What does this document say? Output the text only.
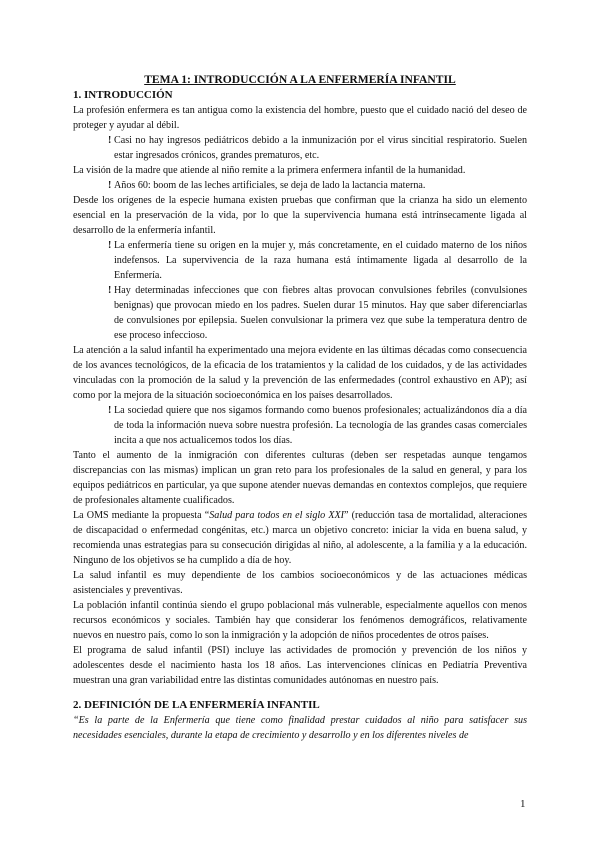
TEMA 1: INTRODUCCIÓN A LA ENFERMERÍA INFANTIL
1. INTRODUCCIÓN

La profesión enfermera es tan antigua como la existencia del hombre, puesto que el cuidado nació del deseo de proteger y ayudar al débil.

! Casi no hay ingresos pediátricos debido a la inmunización por el virus sincitial respiratorio. Suelen estar ingresados crónicos, grandes prematuros, etc.

La visión de la madre que atiende al niño remite a la primera enfermera infantil de la humanidad.

! Años 60: boom de las leches artificiales, se deja de lado la lactancia materna.

Desde los orígenes de la especie humana existen pruebas que confirman que la crianza ha sido un elemento esencial en la preservación de la vida, por lo que la supervivencia humana está intrínsecamente ligada al desarrollo de la enfermería infantil.

! La enfermería tiene su origen en la mujer y, más concretamente, en el cuidado materno de los niños indefensos. La supervivencia de la raza humana está íntimamente ligada al desarrollo de la Enfermería.
! Hay determinadas infecciones que con fiebres altas provocan convulsiones febriles (convulsiones benignas) que provocan miedo en los padres. Suelen durar 15 minutos. Hay que saber diferenciarlas de convulsiones por epilepsia. Suelen convulsionar la primera vez que sube la temperatura dentro de ese proceso infeccioso.

La atención a la salud infantil ha experimentado una mejora evidente en las últimas décadas como consecuencia de los avances tecnológicos, de la eficacia de los tratamientos y la calidad de los cuidados, y de las actividades vinculadas con la promoción de la salud y la prevención de las enfermedades (control exhaustivo en AP); así como por la mejora de la situación socioeconómica en los países desarrollados.

! La sociedad quiere que nos sigamos formando como buenos profesionales; actualizándonos día a día de toda la información nueva sobre nuestra profesión. La tecnología de las grandes casas comerciales incita a que nos actualicemos todos los días.

Tanto el aumento de la inmigración con diferentes culturas (deben ser respetadas aunque tengamos discrepancias con las mismas) implican un gran reto para los profesionales de la salud en general, y para los equipos pediátricos en particular, ya que supone atender nuevas demandas en contextos complejos, que requiere de profesionales altamente cualificados.

La OMS mediante la propuesta “Salud para todos en el siglo XXI” (reducción tasa de mortalidad, alteraciones de discapacidad o enfermedad congénitas, etc.) marca un objetivo concreto: iniciar la vida en buena salud, y recomienda unas estrategias para su consecución dirigidas al niño, al adolescente, a la familia y a la educación. Ninguno de los objetivos se ha cumplido a día de hoy.

La salud infantil es muy dependiente de los cambios socioeconómicos y de las actuaciones médicas asistenciales y preventivas.

La población infantil continúa siendo el grupo poblacional más vulnerable, especialmente aquellos con menos recursos económicos y sociales. También hay que considerar los fenómenos demográficos, relativamente nuevos en nuestro país, como lo son la inmigración y la adopción de niños procedentes de otros países.

El programa de salud infantil (PSI) incluye las actividades de promoción y prevención de los niños y adolescentes desde el nacimiento hasta los 18 años. Las intervenciones clínicas en Pediatría Preventiva muestran una gran variabilidad entre las distintas comunidades autónomas en nuestro país.

2. DEFINICIÓN DE LA ENFERMERÍA INFANTIL

“Es la parte de la Enfermería que tiene como finalidad prestar cuidados al niño para satisfacer sus necesidades esenciales, durante la etapa de crecimiento y desarrollo y en los diferentes niveles de

1
